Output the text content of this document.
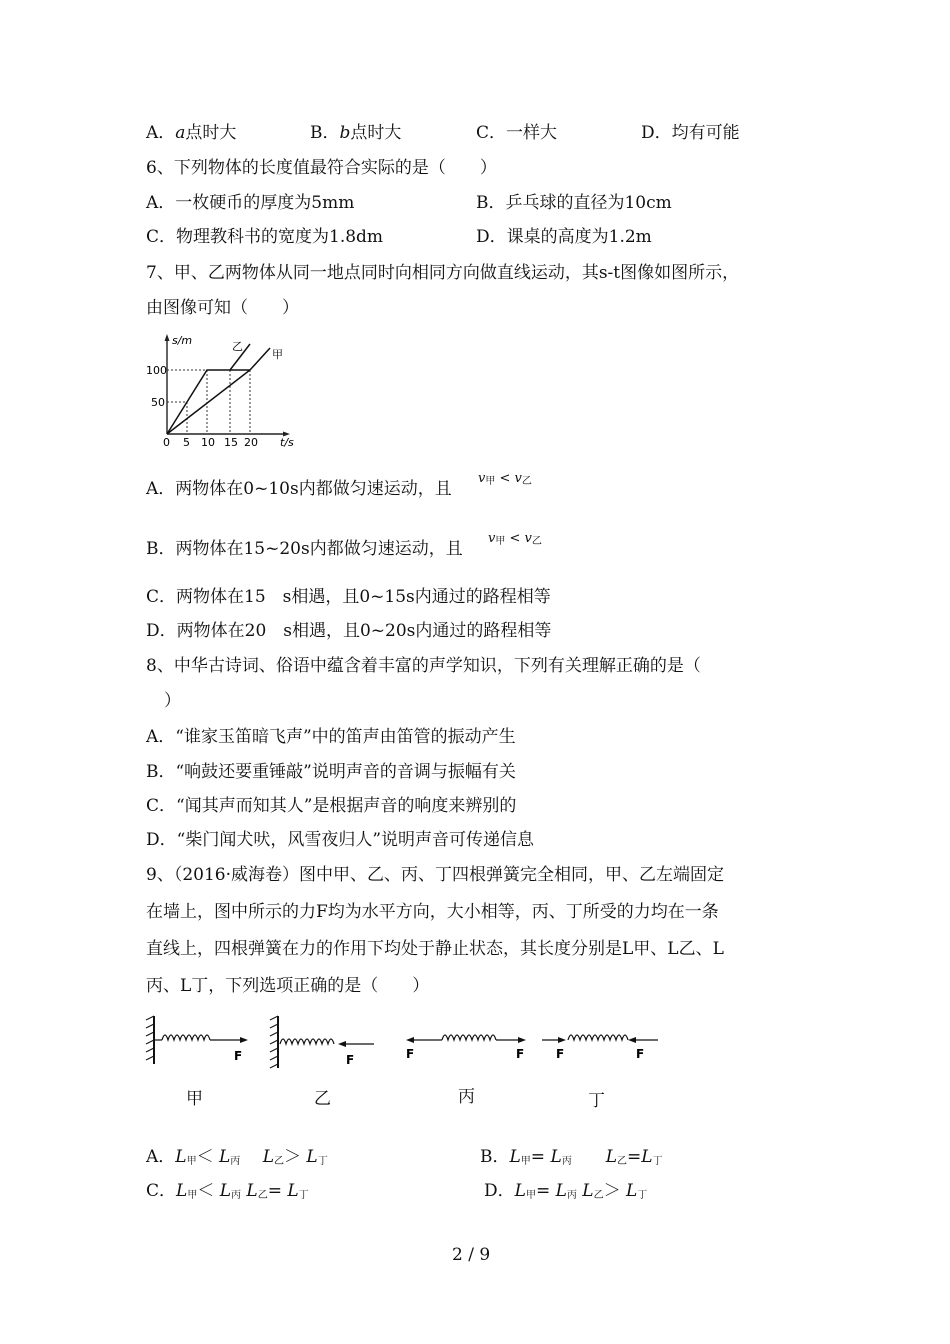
A．a点时大	B．b点时大	C．一样大	D．均有可能
6、下列物体的长度值最符合实际的是（　　）
A．一枚硬币的厚度为5mm	B．乒乓球的直径为10cm
C．物理教科书的宽度为1.8dm	D．课桌的高度为1.2m
7、甲、乙两物体从同一地点同时向相同方向做直线运动，其s-t图像如图所示，
由图像可知（　　）
s/m
t/s
100
50
0 5 10 15 20
乙
甲
A．两物体在0~10s内都做匀速运动，且
$v_甲 < v_乙$
B．两物体在15~20s内都做匀速运动，且
$v_甲 < v_乙$
C．两物体在15　s相遇，且0~15s内通过的路程相等
D．两物体在20　s相遇，且0~20s内通过的路程相等
8、中华古诗词、俗语中蕴含着丰富的声学知识，下列有关理解正确的是（
）
A．“谁家玉笛暗飞声”中的笛声由笛管的振动产生
B．“响鼓还要重锤敲”说明声音的音调与振幅有关
C．“闻其声而知其人”是根据声音的响度来辨别的
D．“柴门闻犬吠，风雪夜归人”说明声音可传递信息
9、（2016·威海卷）图中甲、乙、丙、丁四根弹簧完全相同，甲、乙左端固定
在墙上，图中所示的力F均为水平方向，大小相等，丙、丁所受的力均在一条
直线上，四根弹簧在力的作用下均处于静止状态，其长度分别是L甲、L乙、L
丙、L丁，下列选项正确的是（　　）
F	F	F	F	F	F
甲	乙	丙	丁
A．$L_甲< L_丙$　 $L_乙> L_丁$	B．$L_甲= L_丙$　　 $L_乙=L_丁$
C．$L_甲< L_丙$ $L_乙= L_丁$	D．$L_甲= L_丙$ $L_乙> L_丁$
2 / 9
